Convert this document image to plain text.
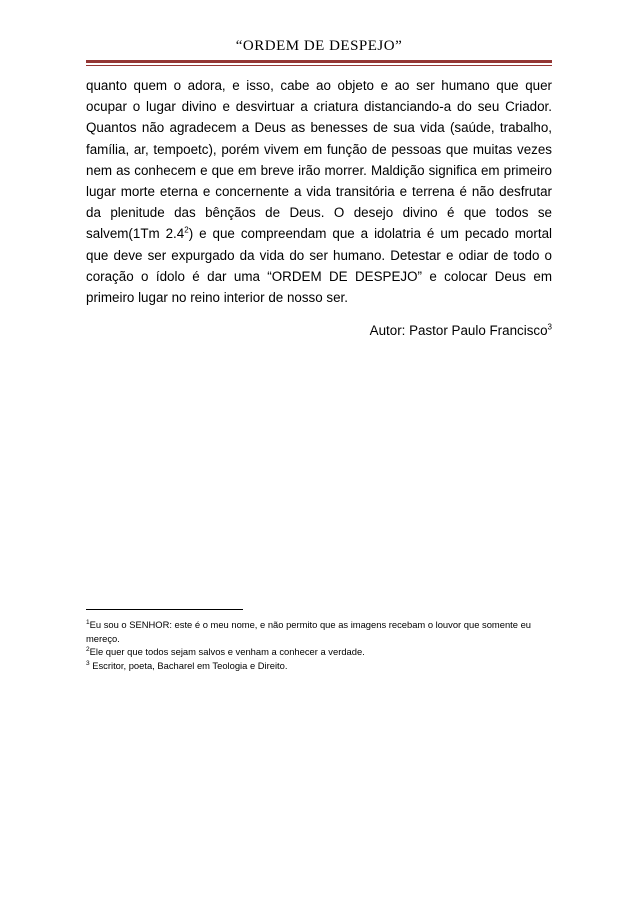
“ORDEM DE DESPEJO”

quanto quem o adora, e isso, cabe ao objeto e ao ser humano que quer ocupar o lugar divino e desvirtuar a criatura distanciando-a do seu Criador. Quantos não agradecem a Deus as benesses de sua vida (saúde, trabalho, família, ar, tempoetc), porém vivem em função de pessoas que muitas vezes nem as conhecem e que em breve irão morrer. Maldição significa em primeiro lugar morte eterna e concernente a vida transitória e terrena é não desfrutar da plenitude das bênçãos de Deus. O desejo divino é que todos se salvem(1Tm $2.4^2$) e que compreendam que a idolatria é um pecado mortal que deve ser expurgado da vida do ser humano. Detestar e odiar de todo o coração o ídolo é dar uma “ORDEM DE DESPEJO” e colocar Deus em primeiro lugar no reino interior de nosso ser.

Autor: Pastor Paulo Francisco$^3$

$^1$Eu sou o SENHOR: este é o meu nome, e não permito que as imagens recebam o louvor que somente eu mereço.

$^2$Ele quer que todos sejam salvos e venham a conhecer a verdade.

$^3$ Escritor, poeta, Bacharel em Teologia e Direito.
